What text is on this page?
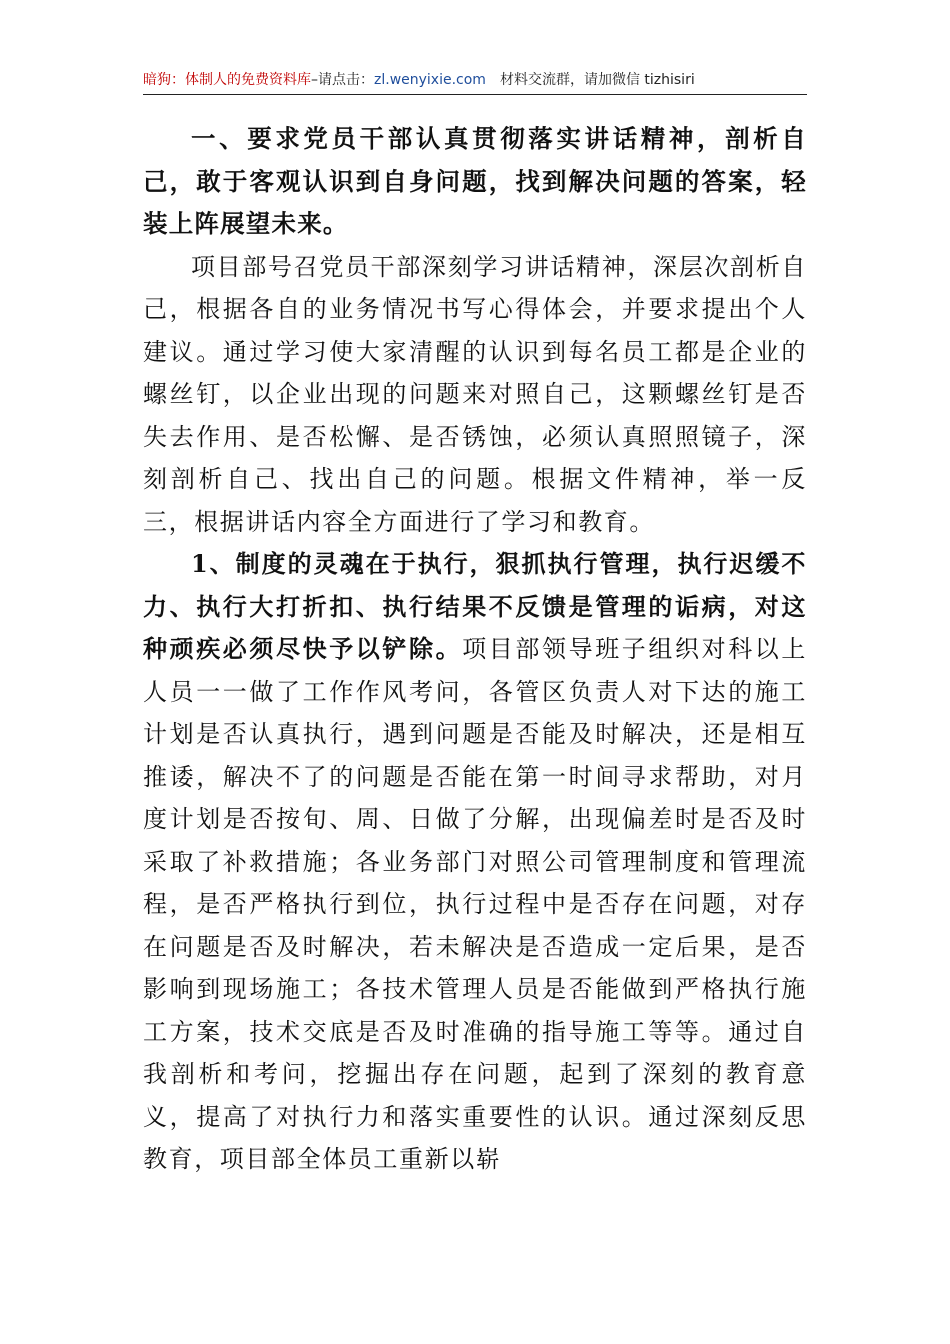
暗狗：体制人的免费资料库–请点击：zl.wenyixie.com 材料交流群，请加微信 tizhisiri

一、要求党员干部认真贯彻落实讲话精神，剖析自己，敢于客观认识到自身问题，找到解决问题的答案，轻装上阵展望未来。

项目部号召党员干部深刻学习讲话精神，深层次剖析自己，根据各自的业务情况书写心得体会，并要求提出个人建议。通过学习使大家清醒的认识到每名员工都是企业的螺丝钉，以企业出现的问题来对照自己，这颗螺丝钉是否失去作用、是否松懈、是否锈蚀，必须认真照照镜子，深刻剖析自己、找出自己的问题。根据文件精神，举一反三，根据讲话内容全方面进行了学习和教育。

1、制度的灵魂在于执行，狠抓执行管理，执行迟缓不力、执行大打折扣、执行结果不反馈是管理的诟病，对这种顽疾必须尽快予以铲除。项目部领导班子组织对科以上人员一一做了工作作风考问，各管区负责人对下达的施工计划是否认真执行，遇到问题是否能及时解决，还是相互推诿，解决不了的问题是否能在第一时间寻求帮助，对月度计划是否按旬、周、日做了分解，出现偏差时是否及时采取了补救措施；各业务部门对照公司管理制度和管理流程，是否严格执行到位，执行过程中是否存在问题，对存在问题是否及时解决，若未解决是否造成一定后果，是否影响到现场施工；各技术管理人员是否能做到严格执行施工方案，技术交底是否及时准确的指导施工等等。通过自我剖析和考问，挖掘出存在问题，起到了深刻的教育意义，提高了对执行力和落实重要性的认识。通过深刻反思教育，项目部全体员工重新以崭
